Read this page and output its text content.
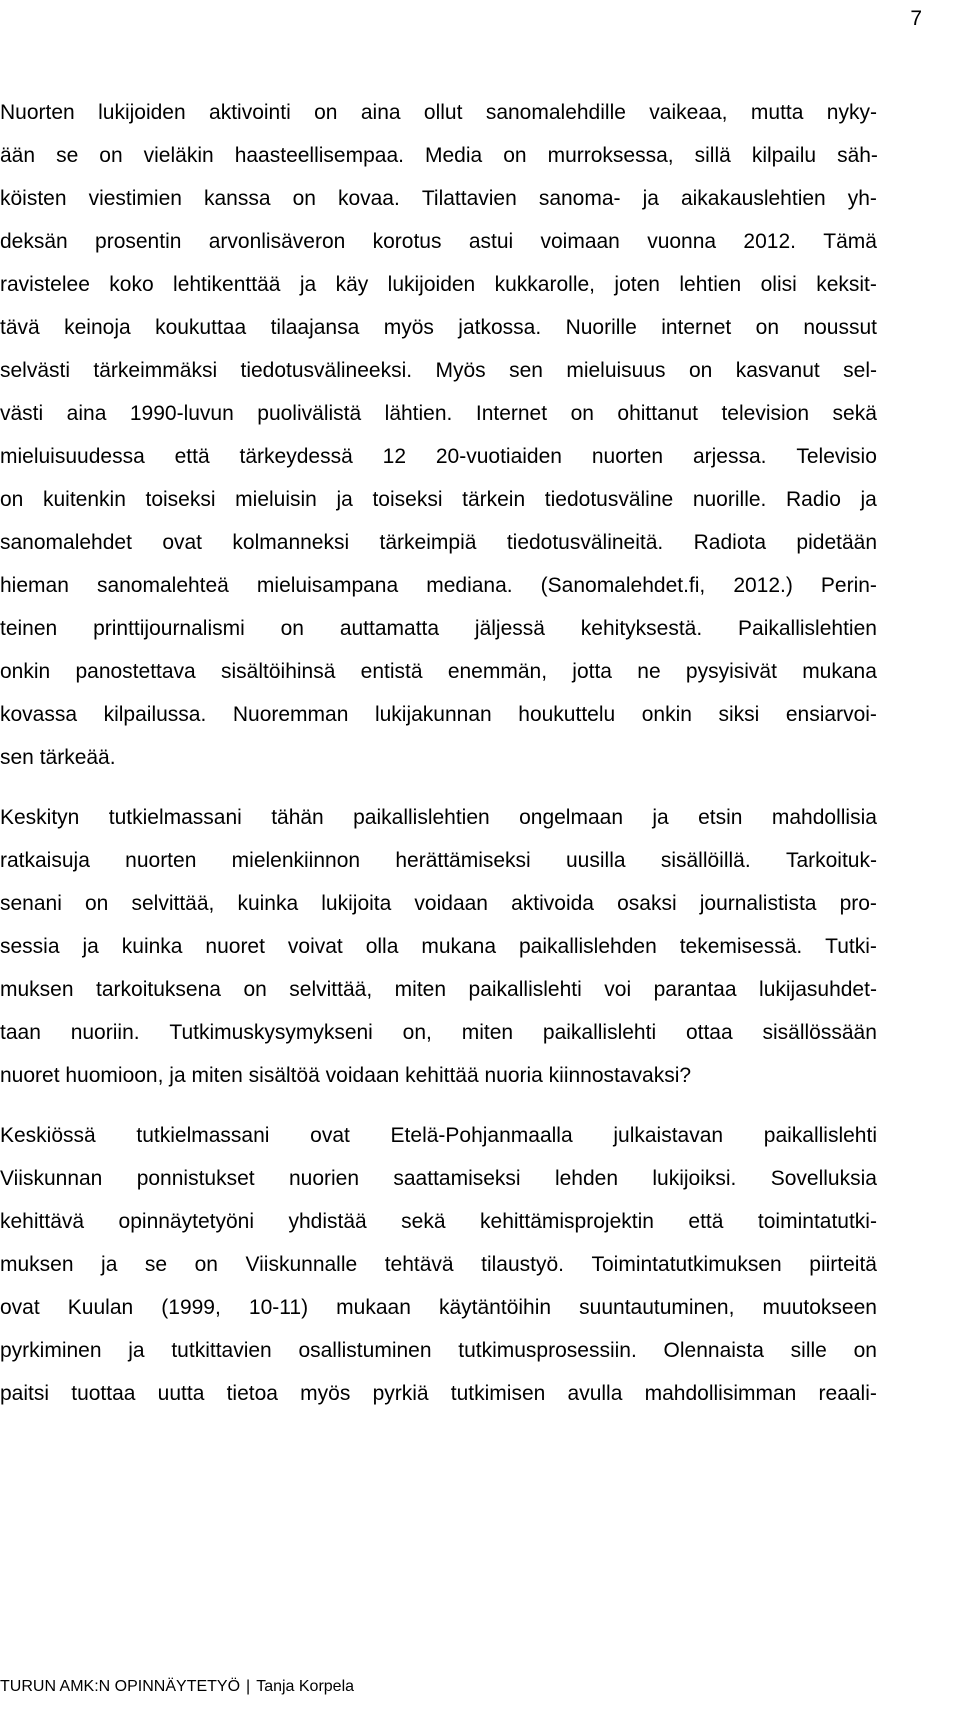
7
Nuorten lukijoiden aktivointi on aina ollut sanomalehdille vaikeaa, mutta nyky-
ään se on vieläkin haasteellisempaa. Media on murroksessa, sillä kilpailu säh-
köisten viestimien kanssa on kovaa. Tilattavien sanoma- ja aikakauslehtien yh-
deksän prosentin arvonlisäveron korotus astui voimaan vuonna 2012. Tämä
ravistelee koko lehtikenttää ja käy lukijoiden kukkarolle, joten lehtien olisi keksit-
tävä keinoja koukuttaa tilaajansa myös jatkossa. Nuorille internet on noussut
selvästi tärkeimmäksi tiedotusvälineeksi. Myös sen mieluisuus on kasvanut sel-
västi aina 1990-luvun puolivälistä lähtien. Internet on ohittanut television sekä
mieluisuudessa että tärkeydessä 12 20-vuotiaiden nuorten arjessa. Televisio
on kuitenkin toiseksi mieluisin ja toiseksi tärkein tiedotusväline nuorille. Radio ja
sanomalehdet ovat kolmanneksi tärkeimpiä tiedotusvälineitä. Radiota pidetään
hieman sanomalehteä mieluisampana mediana. (Sanomalehdet.fi, 2012.) Perin-
teinen printtijournalismi on auttamatta jäljessä kehityksestä. Paikallislehtien
onkin panostettava sisältöihinsä entistä enemmän, jotta ne pysyisivät mukana
kovassa kilpailussa. Nuoremman lukijakunnan houkuttelu onkin siksi ensiarvoi-
sen tärkeää.
Keskityn tutkielmassani tähän paikallislehtien ongelmaan ja etsin mahdollisia
ratkaisuja nuorten mielenkiinnon herättämiseksi uusilla sisällöillä. Tarkoituk-
senani on selvittää, kuinka lukijoita voidaan aktivoida osaksi journalistista pro-
sessia ja kuinka nuoret voivat olla mukana paikallislehden tekemisessä. Tutki-
muksen tarkoituksena on selvittää, miten paikallislehti voi parantaa lukijasuhdet-
taan nuoriin. Tutkimuskysymykseni on, miten paikallislehti ottaa sisällössään
nuoret huomioon, ja miten sisältöä voidaan kehittää nuoria kiinnostavaksi?
Keskiössä tutkielmassani ovat Etelä-Pohjanmaalla julkaistavan paikallislehti
Viiskunnan ponnistukset nuorien saattamiseksi lehden lukijoiksi. Sovelluksia
kehittävä opinnäytetyöni yhdistää sekä kehittämisprojektin että toimintatutki-
muksen ja se on Viiskunnalle tehtävä tilaustyö. Toimintatutkimuksen piirteitä
ovat Kuulan (1999, 10-11) mukaan käytäntöihin suuntautuminen, muutokseen
pyrkiminen ja tutkittavien osallistuminen tutkimusprosessiin. Olennaista sille on
paitsi tuottaa uutta tietoa myös pyrkiä tutkimisen avulla mahdollisimman reaali-
TURUN AMK:N OPINNÄYTETYÖ | Tanja Korpela
